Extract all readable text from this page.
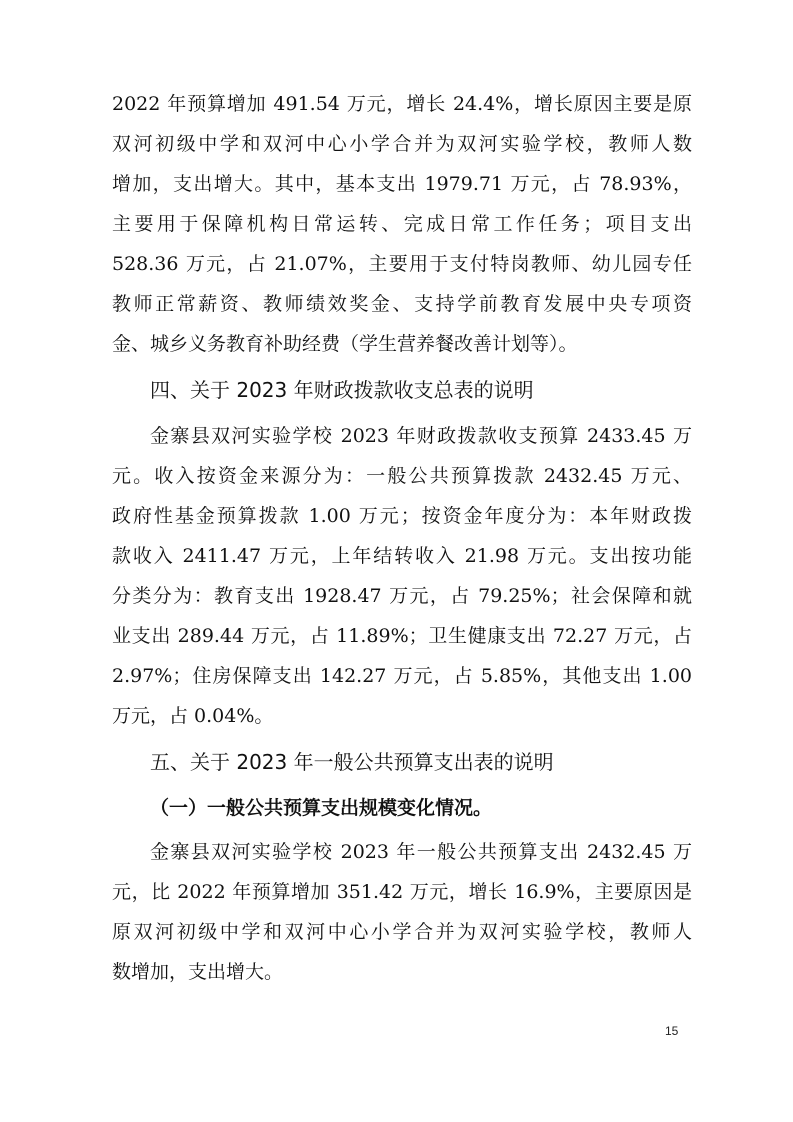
2022 年预算增加 491.54 万元，增长 24.4%，增长原因主要是原
双河初级中学和双河中心小学合并为双河实验学校，教师人数
增加，支出增大。其中，基本支出 1979.71 万元，占 78.93%，
主要用于保障机构日常运转、完成日常工作任务；项目支出
528.36 万元，占 21.07%，主要用于支付特岗教师、幼儿园专任
教师正常薪资、教师绩效奖金、支持学前教育发展中央专项资
金、城乡义务教育补助经费（学生营养餐改善计划等）。
四、关于 2023 年财政拨款收支总表的说明
金寨县双河实验学校 2023 年财政拨款收支预算 2433.45 万
元。收入按资金来源分为：一般公共预算拨款 2432.45 万元、
政府性基金预算拨款 1.00 万元；按资金年度分为：本年财政拨
款收入 2411.47 万元，上年结转收入 21.98 万元。支出按功能
分类分为：教育支出 1928.47 万元，占 79.25%；社会保障和就
业支出 289.44 万元，占 11.89%；卫生健康支出 72.27 万元，占
2.97%；住房保障支出 142.27 万元，占 5.85%，其他支出 1.00
万元，占 0.04%。
五、关于 2023 年一般公共预算支出表的说明
（一）一般公共预算支出规模变化情况。
金寨县双河实验学校 2023 年一般公共预算支出 2432.45 万
元，比 2022 年预算增加 351.42 万元，增长 16.9%，主要原因是
原双河初级中学和双河中心小学合并为双河实验学校，教师人
数增加，支出增大。
15
